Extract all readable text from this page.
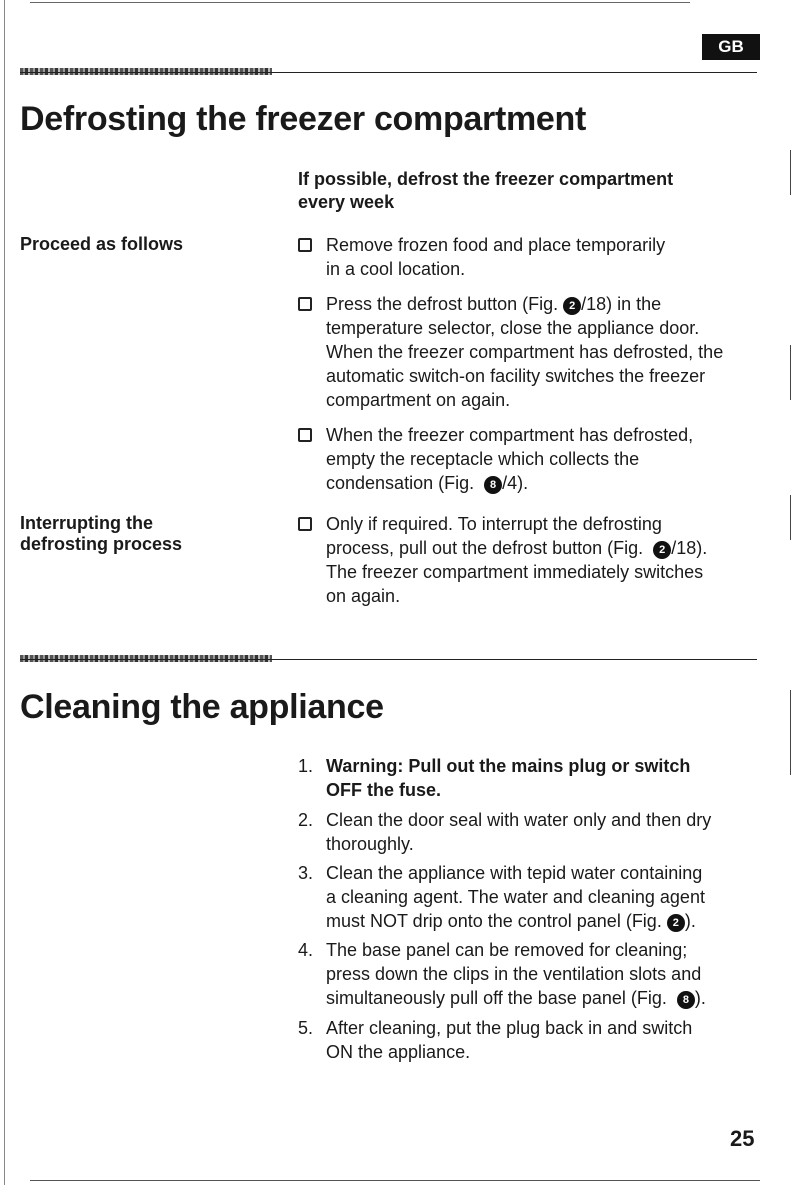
GB
Defrosting the freezer compartment
If possible, defrost the freezer compartment
every week
Proceed as follows	Remove frozen food and place temporarily
in a cool location.
Press the defrost button (Fig. 2 /18) in the
temperature selector, close the appliance door.
When the freezer compartment has defrosted, the
automatic switch-on facility switches the freezer
compartment on again.
When the freezer compartment has defrosted,
empty the receptacle which collects the
condensation (Fig. 8 /4).
Interrupting the
defrosting process
Only if required. To interrupt the defrosting
process, pull out the defrost button (Fig. 2 /18).
The freezer compartment immediately switches
on again.
Cleaning the appliance
1. Warning: Pull out the mains plug or switch
OFF the fuse.
2. Clean the door seal with water only and then dry
thoroughly.
3. Clean the appliance with tepid water containing
a cleaning agent. The water and cleaning agent
must NOT drip onto the control panel (Fig. 2 ).
4. The base panel can be removed for cleaning;
press down the clips in the ventilation slots and
simultaneously pull off the base panel (Fig. 8 ).
5. After cleaning, put the plug back in and switch
ON the appliance.
25
